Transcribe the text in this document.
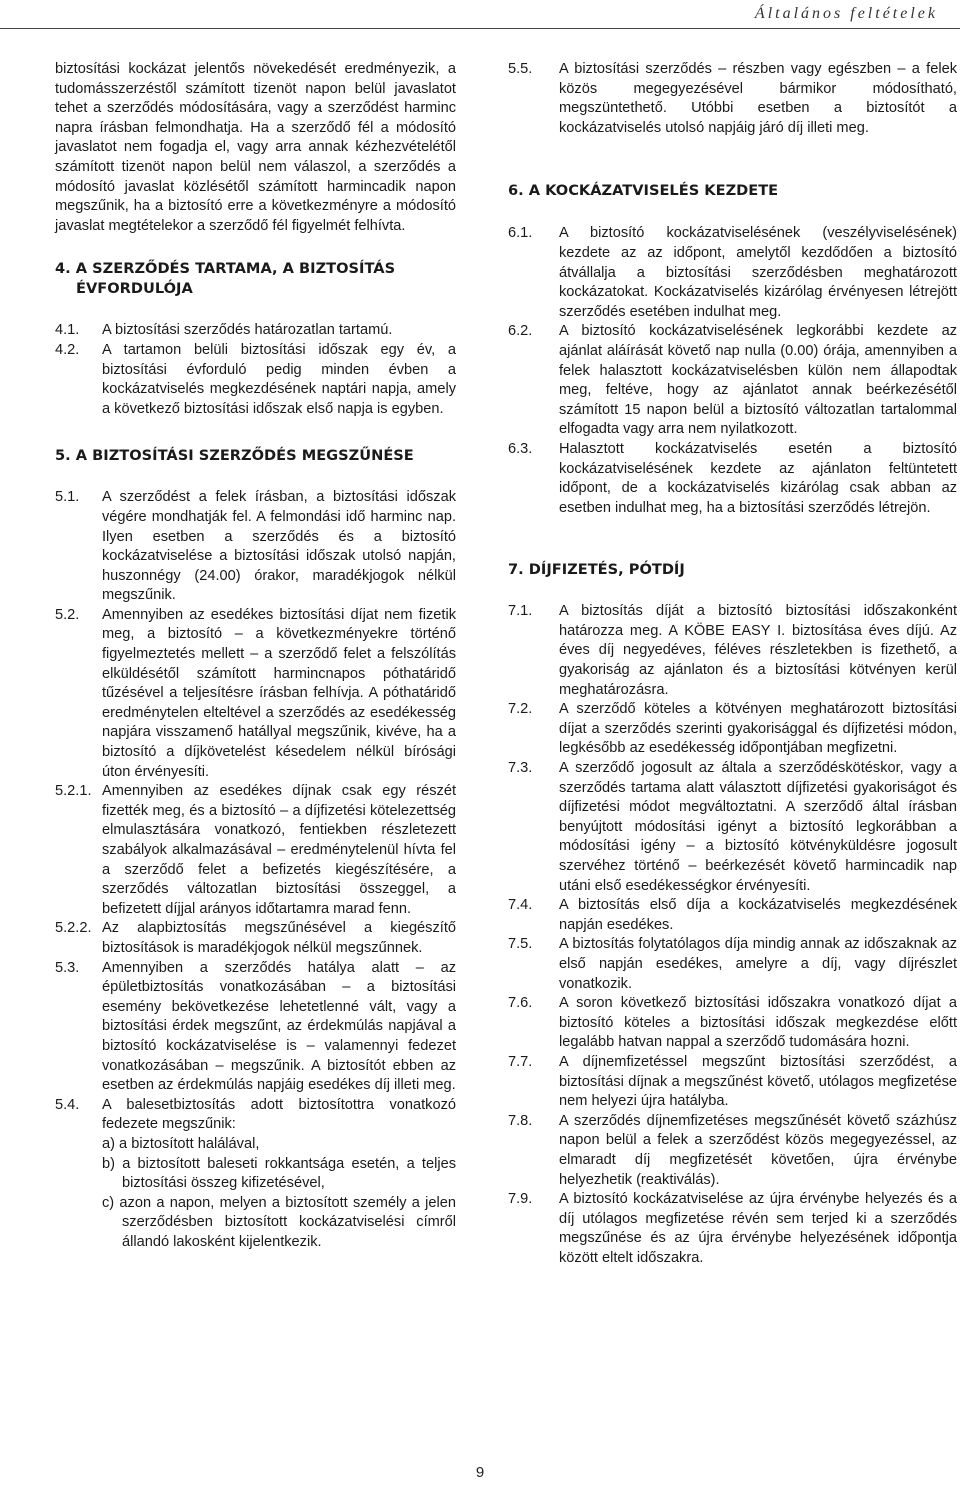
Általános feltételek

biztosítási kockázat jelentős növekedését eredményezik, a tudomásszerzéstől számított tizenöt napon belül javaslatot tehet a szerződés módosítására, vagy a szerződést harminc napra írásban felmondhatja. Ha a szerződő fél a módosító javaslatot nem fogadja el, vagy arra annak kézhezvételétől számított tizenöt napon belül nem válaszol, a szerződés a módosító javaslat közlésétől számított harmincadik napon megszűnik, ha a biztosító erre a következményre a módosító javaslat megtételekor a szerződő fél figyelmét felhívta.

4. A SZERZŐDÉS TARTAMA, A BIZTOSÍTÁS
ÉVFORDULÓJA
4.1.	A biztosítási szerződés határozatlan tartamú.
4.2.	A tartamon belüli biztosítási időszak egy év, a biztosítási évforduló pedig minden évben a kockázatviselés megkezdésének naptári napja, amely a következő biztosítási időszak első napja is egyben.
5. A BIZTOSÍTÁSI SZERZŐDÉS MEGSZŰNÉSE
5.1.	A szerződést a felek írásban, a biztosítási időszak végére mondhatják fel. A felmondási idő harminc nap. Ilyen esetben a szerződés és a biztosító kockázatviselése a biztosítási időszak utolsó napján, huszonnégy (24.00) órakor, maradékjogok nélkül megszűnik.
5.2.	Amennyiben az esedékes biztosítási díjat nem fizetik meg, a biztosító – a következményekre történő figyelmeztetés mellett – a szerződő felet a felszólítás elküldésétől számított harmincnapos póthatáridő tűzésével a teljesítésre írásban felhívja. A póthatáridő eredménytelen elteltével a szerződés az esedékesség napjára visszamenő hatállyal megszűnik, kivéve, ha a biztosító a díjkövetelést késedelem nélkül bírósági úton érvényesíti.
5.2.1. Amennyiben az esedékes díjnak csak egy részét fizették meg, és a biztosító – a díjfizetési kötelezettség elmulasztására vonatkozó, fentiekben részletezett szabályok alkalmazásával – eredménytelenül hívta fel a szerződő felet a befizetés kiegészítésére, a szerződés változatlan biztosítási összeggel, a befizetett díjjal arányos időtartamra marad fenn.
5.2.2. Az alapbiztosítás megszűnésével a kiegészítő biztosítások is maradékjogok nélkül megszűnnek.
5.3.	Amennyiben a szerződés hatálya alatt – az épületbiztosítás vonatkozásában – a biztosítási esemény bekövetkezése lehetetlenné vált, vagy a biztosítási érdek megszűnt, az érdekmúlás napjával a biztosító kockázatviselése is – valamennyi fedezet vonatkozásában – megszűnik. A biztosítót ebben az esetben az érdekmúlás napjáig esedékes díj illeti meg.
5.4.	A balesetbiztosítás adott biztosítottra vonatkozó fedezete megszűnik:
a) a biztosított halálával,
b) a biztosított baleseti rokkantsága esetén, a teljes biztosítási összeg kifizetésével,
c) azon a napon, melyen a biztosított személy a jelen szerződésben biztosított kockázatviselési címről állandó lakosként kijelentkezik.
5.5.	A biztosítási szerződés – részben vagy egészben – a felek közös megegyezésével bármikor módosítható, megszüntethető. Utóbbi esetben a biztosítót a kockázatviselés utolsó napjáig járó díj illeti meg.
6. A KOCKÁZATVISELÉS KEZDETE
6.1.	A biztosító kockázatviselésének (veszélyviselésének) kezdete az az időpont, amelytől kezdődően a biztosító átvállalja a biztosítási szerződésben meghatározott kockázatokat. Kockázatviselés kizárólag érvényesen létrejött szerződés esetében indulhat meg.
6.2.	A biztosító kockázatviselésének legkorábbi kezdete az ajánlat aláírását követő nap nulla (0.00) órája, amennyiben a felek halasztott kockázatviselésben külön nem állapodtak meg, feltéve, hogy az ajánlatot annak beérkezésétől számított 15 napon belül a biztosító változatlan tartalommal elfogadta vagy arra nem nyilatkozott.
6.3.	Halasztott kockázatviselés esetén a biztosító kockázatviselésének kezdete az ajánlaton feltüntetett időpont, de a kockázatviselés kizárólag csak abban az esetben indulhat meg, ha a biztosítási szerződés létrejön.
7. DÍJFIZETÉS, PÓTDÍJ
7.1.	A biztosítás díját a biztosító biztosítási időszakonként határozza meg. A KÖBE EASY I. biztosítása éves díjú. Az éves díj negyedéves, féléves részletekben is fizethető, a gyakoriság az ajánlaton és a biztosítási kötvényen kerül meghatározásra.
7.2.	A szerződő köteles a kötvényen meghatározott biztosítási díjat a szerződés szerinti gyakorisággal és díjfizetési módon, legkésőbb az esedékesség időpontjában megfizetni.
7.3.	A szerződő jogosult az általa a szerződéskötéskor, vagy a szerződés tartama alatt választott díjfizetési gyakoriságot és díjfizetési módot megváltoztatni. A szerződő által írásban benyújtott módosítási igényt a biztosító legkorábban a módosítási igény – a biztosító kötvényküldésre jogosult szervéhez történő – beérkezését követő harmincadik nap utáni első esedékességkor érvényesíti.
7.4.	A biztosítás első díja a kockázatviselés megkezdésének napján esedékes.
7.5.	A biztosítás folytatólagos díja mindig annak az időszaknak az első napján esedékes, amelyre a díj, vagy díjrészlet vonatkozik.
7.6.	A soron következő biztosítási időszakra vonatkozó díjat a biztosító köteles a biztosítási időszak megkezdése előtt legalább hatvan nappal a szerződő tudomására hozni.
7.7.	A díjnemfizetéssel megszűnt biztosítási szerződést, a biztosítási díjnak a megszűnést követő, utólagos megfizetése nem helyezi újra hatályba.
7.8.	A szerződés díjnemfizetéses megszűnését követő százhúsz napon belül a felek a szerződést közös megegyezéssel, az elmaradt díj megfizetését követően, újra érvénybe helyezhetik (reaktiválás).
7.9.	A biztosító kockázatviselése az újra érvénybe helyezés és a díj utólagos megfizetése révén sem terjed ki a szerződés megszűnése és az újra érvénybe helyezésének időpontja között eltelt időszakra.
9
